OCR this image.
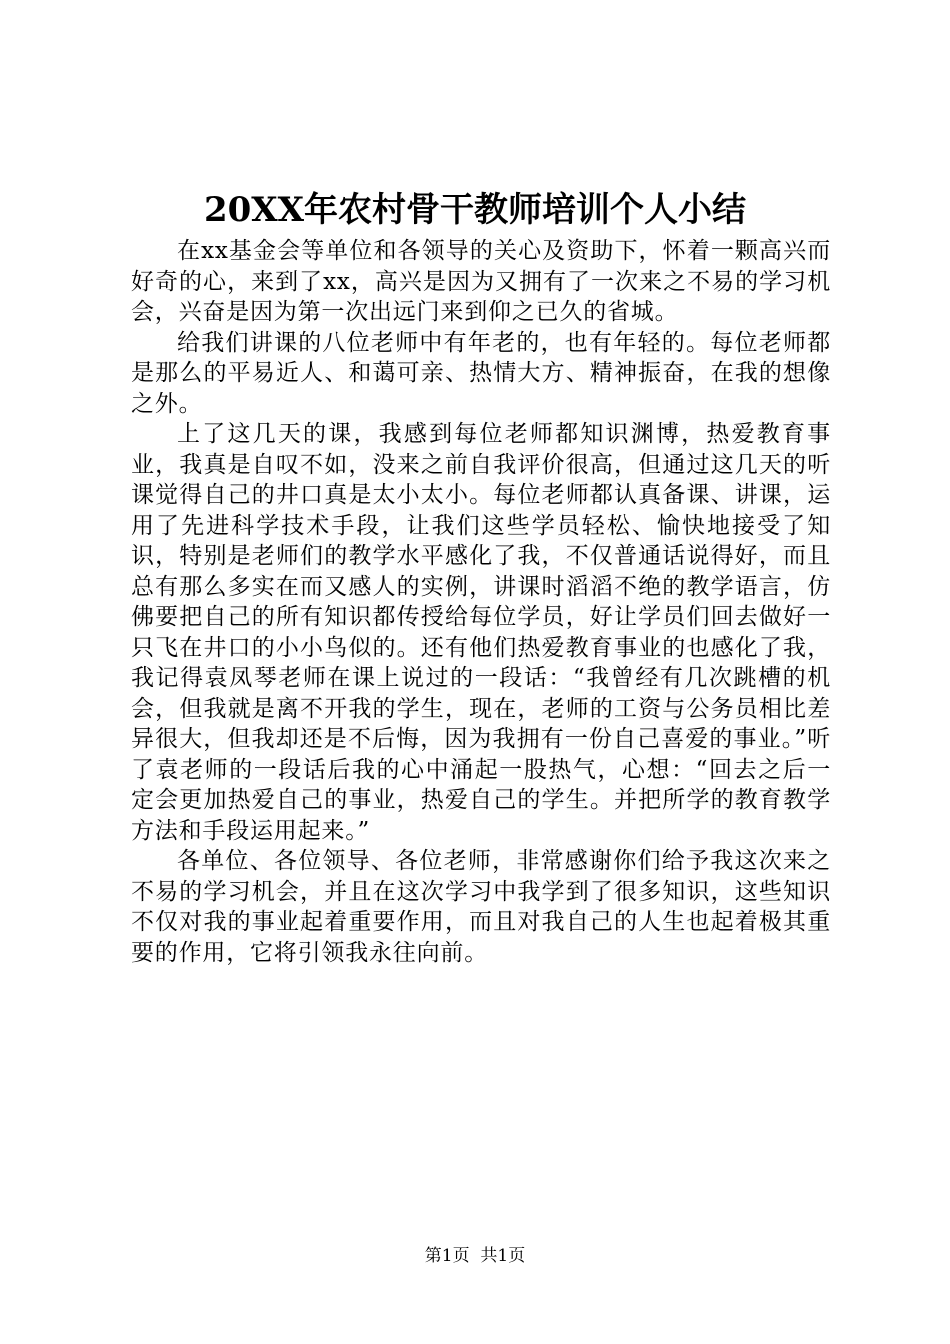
20XX年农村骨干教师培训个人小结

在xx基金会等单位和各领导的关心及资助下，怀着一颗高兴而好奇的心，来到了xx，高兴是因为又拥有了一次来之不易的学习机会，兴奋是因为第一次出远门来到仰之已久的省城。

给我们讲课的八位老师中有年老的，也有年轻的。每位老师都是那么的平易近人、和蔼可亲、热情大方、精神振奋，在我的想像之外。

上了这几天的课，我感到每位老师都知识渊博，热爱教育事业，我真是自叹不如，没来之前自我评价很高，但通过这几天的听课觉得自己的井口真是太小太小。每位老师都认真备课、讲课，运用了先进科学技术手段，让我们这些学员轻松、愉快地接受了知识，特别是老师们的教学水平感化了我，不仅普通话说得好，而且总有那么多实在而又感人的实例，讲课时滔滔不绝的教学语言，仿佛要把自己的所有知识都传授给每位学员，好让学员们回去做好一只飞在井口的小小鸟似的。还有他们热爱教育事业的也感化了我，我记得袁凤琴老师在课上说过的一段话：“我曾经有几次跳槽的机会，但我就是离不开我的学生，现在，老师的工资与公务员相比差异很大，但我却还是不后悔，因为我拥有一份自己喜爱的事业。”听了袁老师的一段话后我的心中涌起一股热气，心想：“回去之后一定会更加热爱自己的事业，热爱自己的学生。并把所学的教育教学方法和手段运用起来。”

各单位、各位领导、各位老师，非常感谢你们给予我这次来之不易的学习机会，并且在这次学习中我学到了很多知识，这些知识不仅对我的事业起着重要作用，而且对我自己的人生也起着极其重要的作用，它将引领我永往向前。

第1页 共1页
